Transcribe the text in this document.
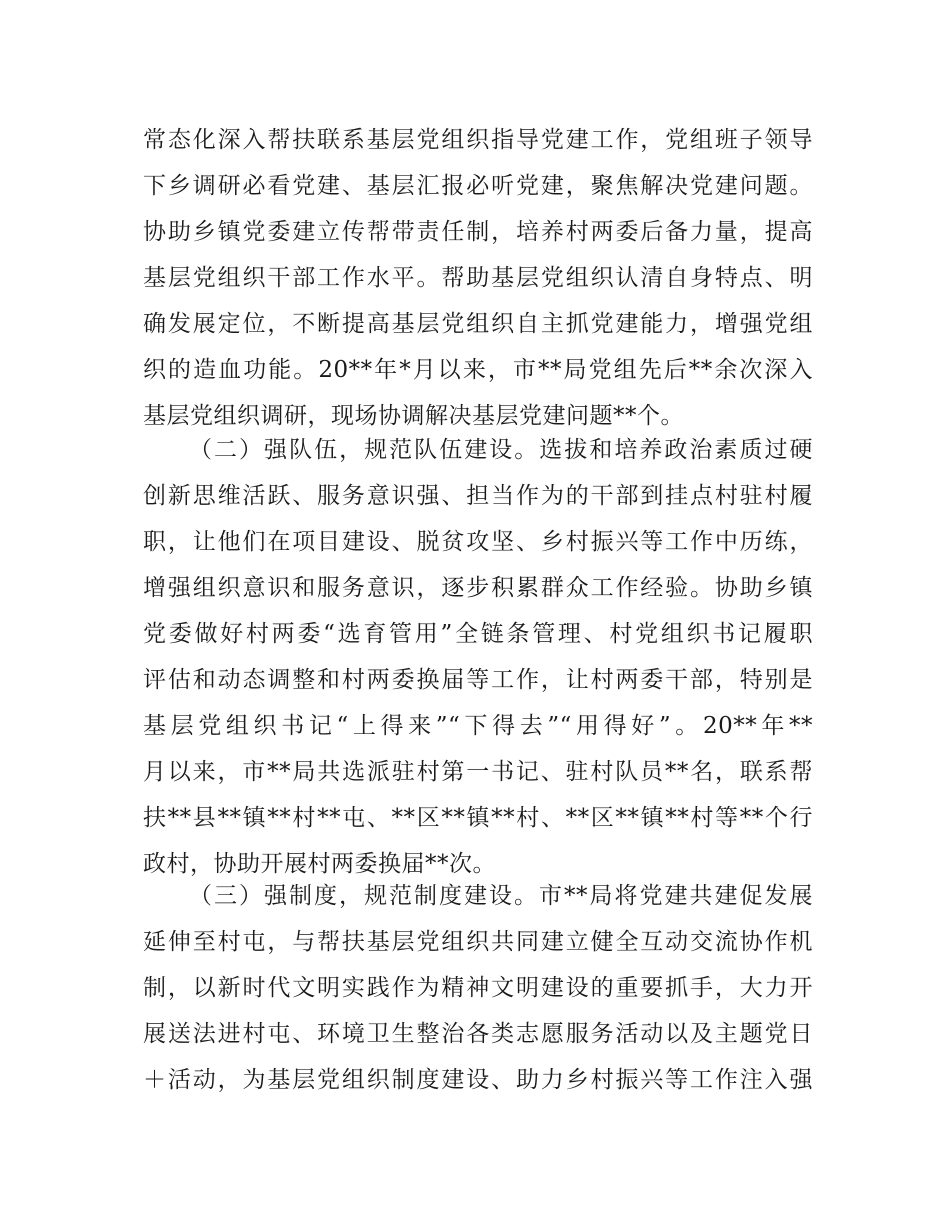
常态化深入帮扶联系基层党组织指导党建工作，党组班子领导
下乡调研必看党建、基层汇报必听党建，聚焦解决党建问题。
协助乡镇党委建立传帮带责任制，培养村两委后备力量，提高
基层党组织干部工作水平。帮助基层党组织认清自身特点、明
确发展定位，不断提高基层党组织自主抓党建能力，增强党组
织的造血功能。20**年*月以来，市**局党组先后**余次深入
基层党组织调研，现场协调解决基层党建问题**个。
（二）强队伍，规范队伍建设。选拔和培养政治素质过硬
创新思维活跃、服务意识强、担当作为的干部到挂点村驻村履
职，让他们在项目建设、脱贫攻坚、乡村振兴等工作中历练，
增强组织意识和服务意识，逐步积累群众工作经验。协助乡镇
党委做好村两委“选育管用”全链条管理、村党组织书记履职
评估和动态调整和村两委换届等工作，让村两委干部，特别是
基层党组织书记“上得来”“下得去”“用得好”。20**年**
月以来，市**局共选派驻村第一书记、驻村队员**名，联系帮
扶**县**镇**村**屯、**区**镇**村、**区**镇**村等**个行
政村，协助开展村两委换届**次。
（三）强制度，规范制度建设。市**局将党建共建促发展
延伸至村屯，与帮扶基层党组织共同建立健全互动交流协作机
制，以新时代文明实践作为精神文明建设的重要抓手，大力开
展送法进村屯、环境卫生整治各类志愿服务活动以及主题党日
＋活动，为基层党组织制度建设、助力乡村振兴等工作注入强
